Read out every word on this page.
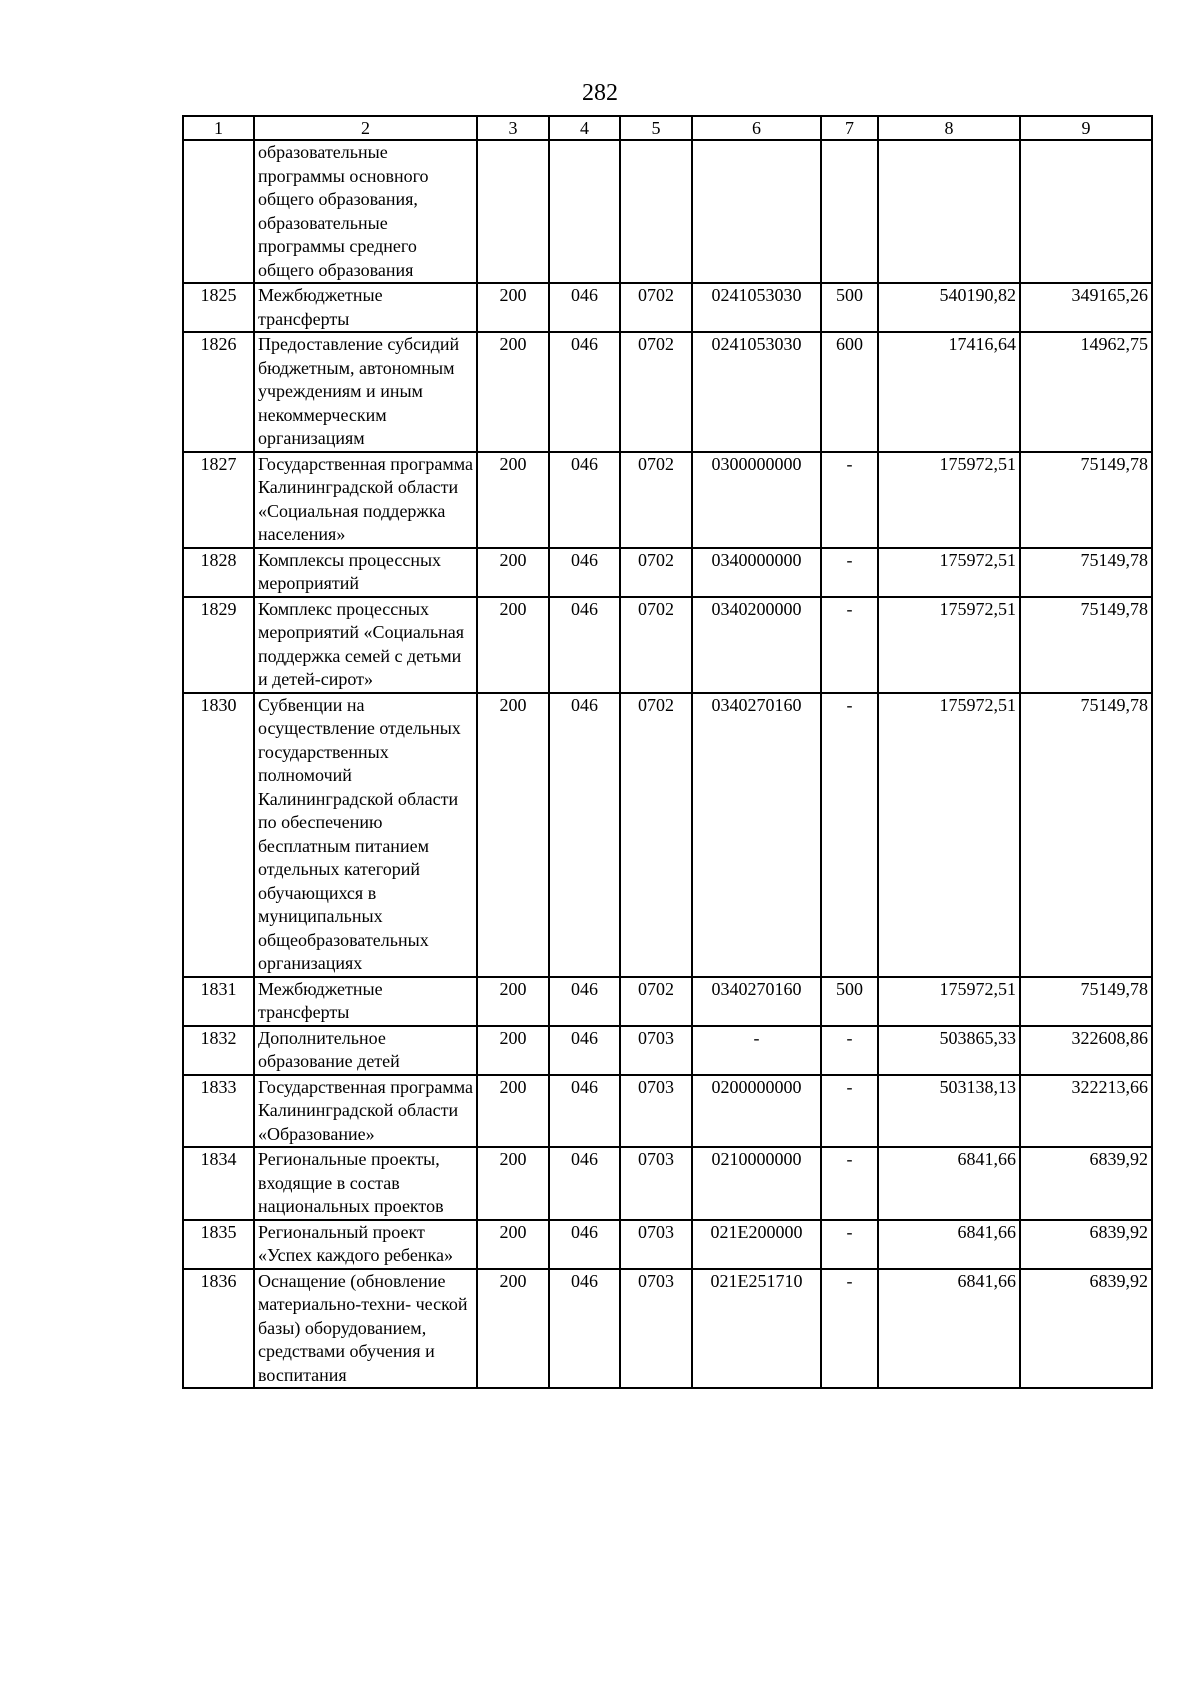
282
1	2	3	4	5	6	7	8	9
	образовательные программы основного общего образования, образовательные программы среднего общего образования							
1825	Межбюджетные трансферты	200	046	0702	0241053030	500	540190,82	349165,26
1826	Предоставление субсидий бюджетным, автономным учреждениям и иным некоммерческим организациям	200	046	0702	0241053030	600	17416,64	14962,75
1827	Государственная программа Калининградской области «Социальная поддержка населения»	200	046	0702	0300000000	-	175972,51	75149,78
1828	Комплексы процессных мероприятий	200	046	0702	0340000000	-	175972,51	75149,78
1829	Комплекс процессных мероприятий «Социальная поддержка семей с детьми и детей-сирот»	200	046	0702	0340200000	-	175972,51	75149,78
1830	Субвенции на осуществление отдельных государственных полномочий Калининградской области по обеспечению бесплатным питанием отдельных категорий обучающихся в муниципальных общеобразовательных организациях	200	046	0702	0340270160	-	175972,51	75149,78
1831	Межбюджетные трансферты	200	046	0702	0340270160	500	175972,51	75149,78
1832	Дополнительное образование детей	200	046	0703	-	-	503865,33	322608,86
1833	Государственная программа Калининградской области «Образование»	200	046	0703	0200000000	-	503138,13	322213,66
1834	Региональные проекты, входящие в состав национальных проектов	200	046	0703	0210000000	-	6841,66	6839,92
1835	Региональный проект «Успех каждого ребенка»	200	046	0703	021E200000	-	6841,66	6839,92
1836	Оснащение (обновление материально-техни- ческой базы) оборудованием, средствами обучения и воспитания	200	046	0703	021E251710	-	6841,66	6839,92
